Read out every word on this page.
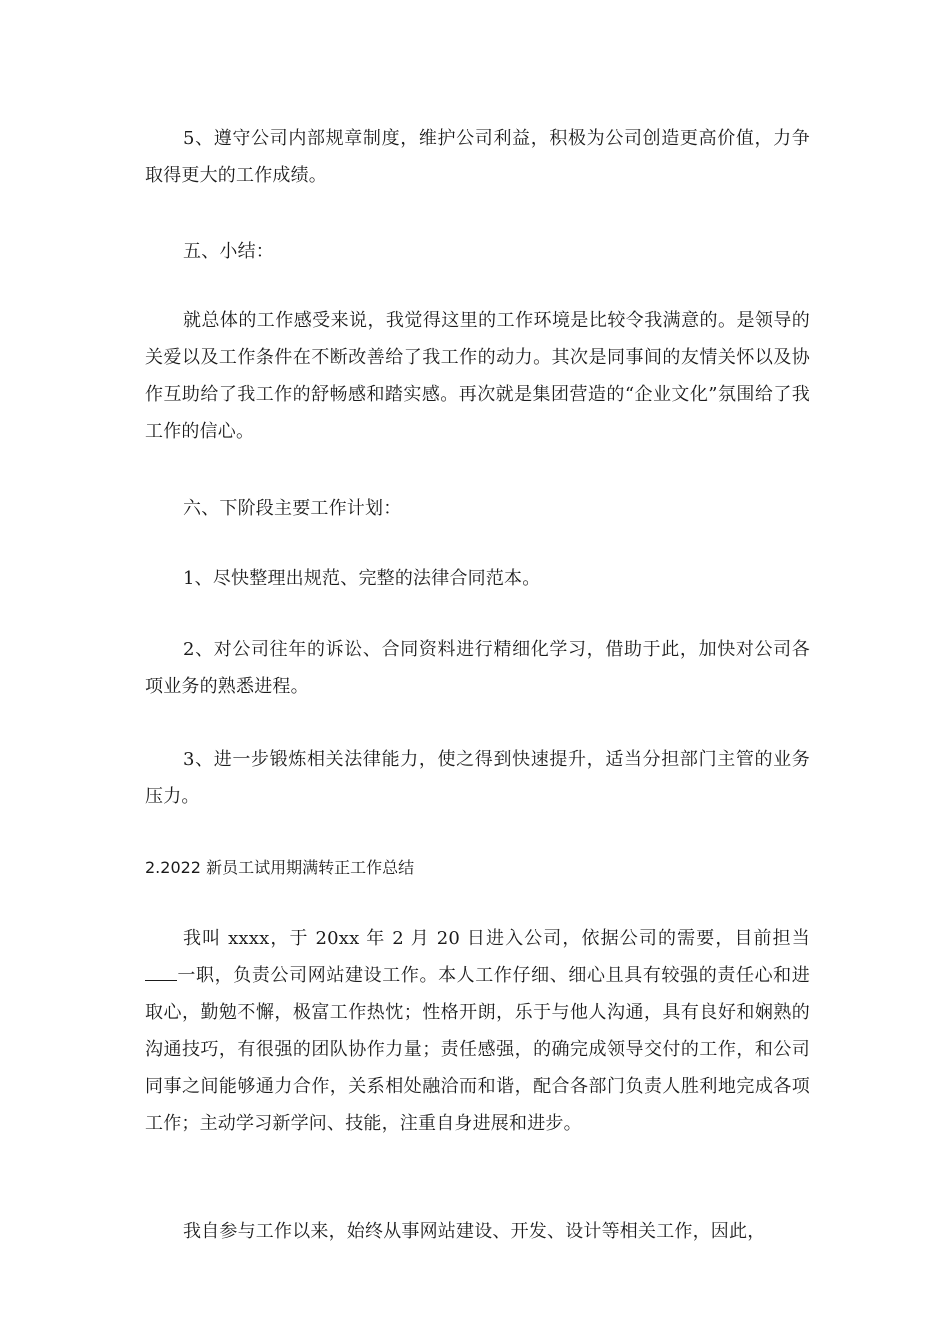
5、遵守公司内部规章制度，维护公司利益，积极为公司创造更高价值，力争取得更大的工作成绩。

五、小结：

就总体的工作感受来说，我觉得这里的工作环境是比较令我满意的。是领导的关爱以及工作条件在不断改善给了我工作的动力。其次是同事间的友情关怀以及协作互助给了我工作的舒畅感和踏实感。再次就是集团营造的“企业文化”氛围给了我工作的信心。

六、下阶段主要工作计划：

1、尽快整理出规范、完整的法律合同范本。

2、对公司往年的诉讼、合同资料进行精细化学习，借助于此，加快对公司各项业务的熟悉进程。

3、进一步锻炼相关法律能力，使之得到快速提升，适当分担部门主管的业务压力。

2.2022 新员工试用期满转正工作总结

我叫 xxxx，于 20xx 年 2 月 20 日进入公司，依据公司的需要，目前担当一职，负责公司网站建设工作。本人工作仔细、细心且具有较强的责任心和进取心，勤勉不懈，极富工作热忱；性格开朗，乐于与他人沟通，具有良好和娴熟的沟通技巧，有很强的团队协作力量；责任感强，的确完成领导交付的工作，和公司同事之间能够通力合作，关系相处融洽而和谐，配合各部门负责人胜利地完成各项工作；主动学习新学问、技能，注重自身进展和进步。

我自参与工作以来，始终从事网站建设、开发、设计等相关工作，因此，
